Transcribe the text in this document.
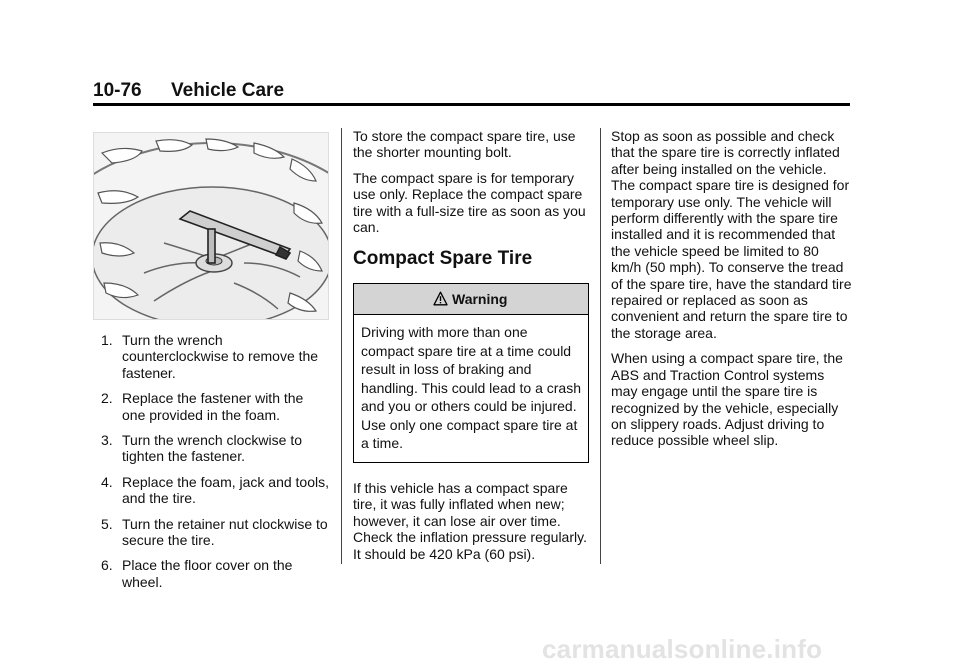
10-76 Vehicle Care
1. Turn the wrench counterclockwise to remove the fastener.
2. Replace the fastener with the one provided in the foam.
3. Turn the wrench clockwise to tighten the fastener.
4. Replace the foam, jack and tools, and the tire.
5. Turn the retainer nut clockwise to secure the tire.
6. Place the floor cover on the wheel.

To store the compact spare tire, use the shorter mounting bolt.

The compact spare is for temporary use only. Replace the compact spare tire with a full-size tire as soon as you can.

Compact Spare Tire
Warning
Driving with more than one compact spare tire at a time could result in loss of braking and handling. This could lead to a crash and you or others could be injured. Use only one compact spare tire at a time.

If this vehicle has a compact spare tire, it was fully inflated when new; however, it can lose air over time. Check the inflation pressure regularly. It should be 420 kPa (60 psi).

Stop as soon as possible and check that the spare tire is correctly inflated after being installed on the vehicle. The compact spare tire is designed for temporary use only. The vehicle will perform differently with the spare tire installed and it is recommended that the vehicle speed be limited to 80 km/h (50 mph). To conserve the tread of the spare tire, have the standard tire repaired or replaced as soon as convenient and return the spare tire to the storage area.

When using a compact spare tire, the ABS and Traction Control systems may engage until the spare tire is recognized by the vehicle, especially on slippery roads. Adjust driving to reduce possible wheel slip.

carmanualsonline.info
